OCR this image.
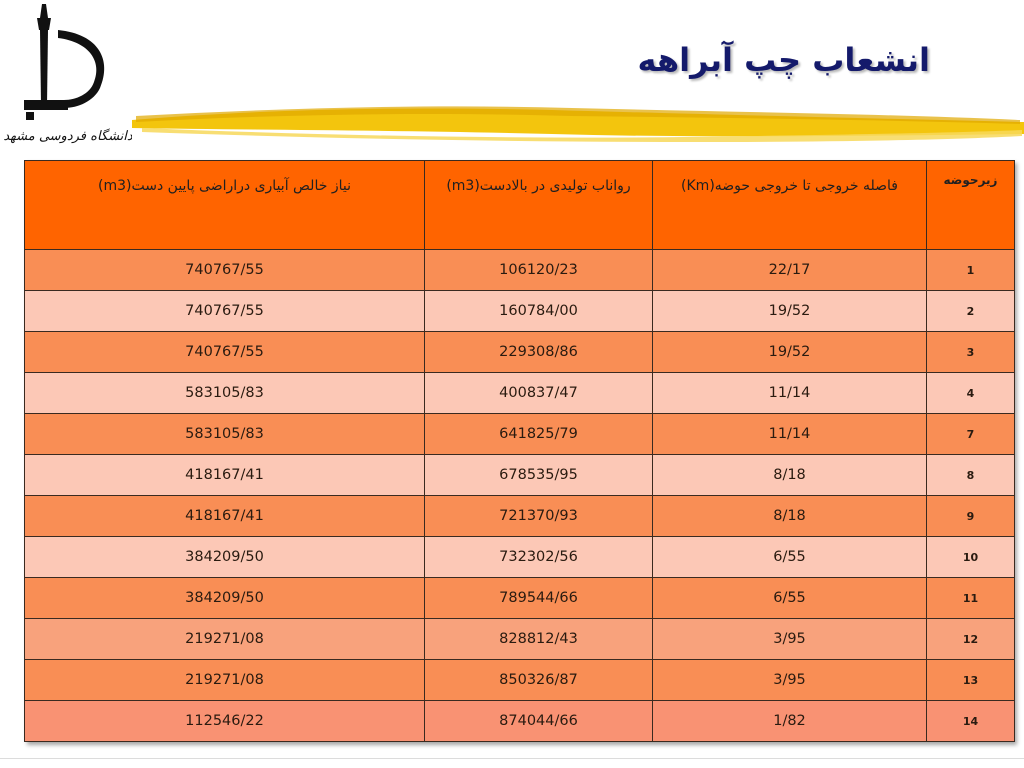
دانشگاه فردوسی مشهد
انشعاب چپ آبراهه
زیرحوضه	فاصله خروجی تا خروجی حوضه(Km)	رواناب تولیدی در بالادست(m3)	نیاز خالص آبیاری دراراضی پایین دست(m3)
1	22/17	106120/23	740767/55
2	19/52	160784/00	740767/55
3	19/52	229308/86	740767/55
4	11/14	400837/47	583105/83
7	11/14	641825/79	583105/83
8	8/18	678535/95	418167/41
9	8/18	721370/93	418167/41
10	6/55	732302/56	384209/50
11	6/55	789544/66	384209/50
12	3/95	828812/43	219271/08
13	3/95	850326/87	219271/08
14	1/82	874044/66	112546/22
